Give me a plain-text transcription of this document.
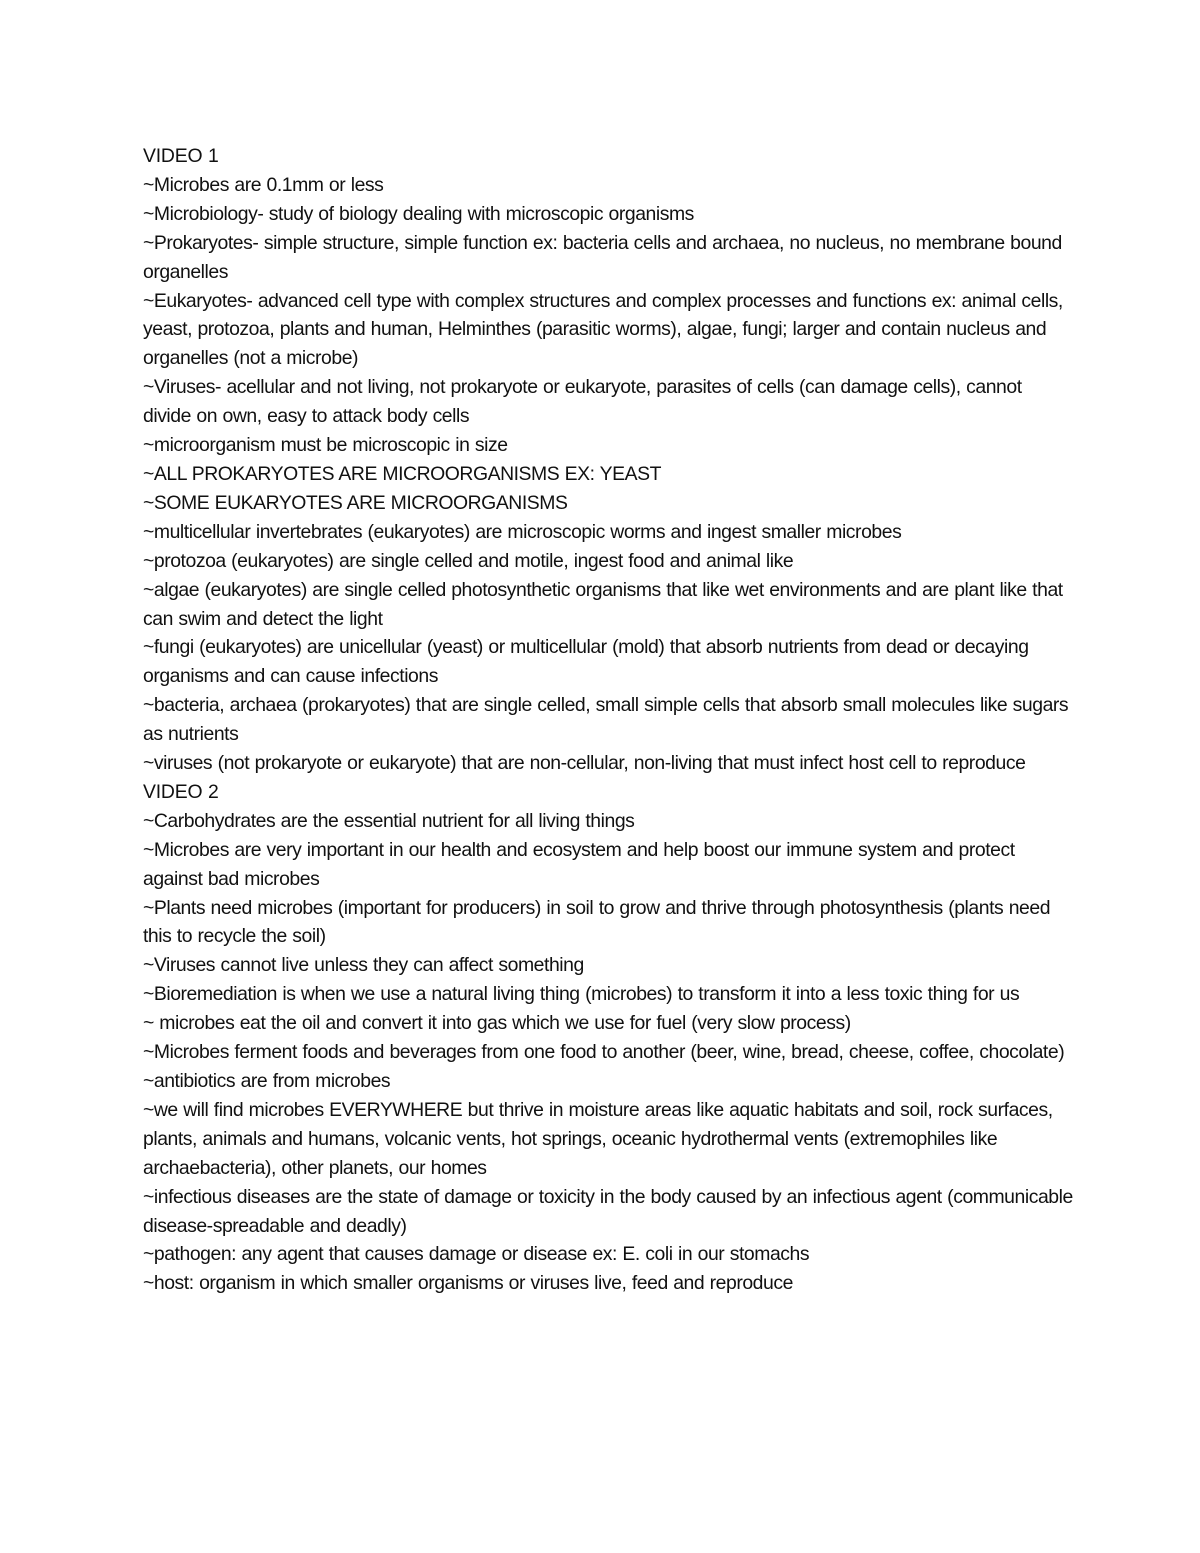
VIDEO 1

~Microbes are 0.1mm or less

~Microbiology- study of biology dealing with microscopic organisms

~Prokaryotes- simple structure, simple function ex: bacteria cells and archaea, no nucleus, no membrane bound organelles

~Eukaryotes- advanced cell type with complex structures and complex processes and functions ex: animal cells, yeast, protozoa, plants and human, Helminthes (parasitic worms), algae, fungi; larger and contain nucleus and organelles (not a microbe)

~Viruses- acellular and not living, not prokaryote or eukaryote, parasites of cells (can damage cells), cannot divide on own, easy to attack body cells

~microorganism must be microscopic in size

~ALL PROKARYOTES ARE MICROORGANISMS EX: YEAST

~SOME EUKARYOTES ARE MICROORGANISMS

~multicellular invertebrates (eukaryotes) are microscopic worms and ingest smaller microbes

~protozoa (eukaryotes) are single celled and motile, ingest food and animal like

~algae (eukaryotes) are single celled photosynthetic organisms that like wet environments and are plant like that can swim and detect the light

~fungi (eukaryotes) are unicellular (yeast) or multicellular (mold) that absorb nutrients from dead or decaying organisms and can cause infections

~bacteria, archaea (prokaryotes) that are single celled, small simple cells that absorb small molecules like sugars as nutrients

~viruses (not prokaryote or eukaryote) that are non-cellular, non-living that must infect host cell to reproduce

VIDEO 2

~Carbohydrates are the essential nutrient for all living things

~Microbes are very important in our health and ecosystem and help boost our immune system and protect against bad microbes

~Plants need microbes (important for producers) in soil to grow and thrive through photosynthesis (plants need this to recycle the soil)

~Viruses cannot live unless they can affect something

~Bioremediation is when we use a natural living thing (microbes) to transform it into a less toxic thing for us

~ microbes eat the oil and convert it into gas which we use for fuel (very slow process)

~Microbes ferment foods and beverages from one food to another (beer, wine, bread, cheese, coffee, chocolate)

~antibiotics are from microbes

~we will find microbes EVERYWHERE but thrive in moisture areas like aquatic habitats and soil, rock surfaces, plants, animals and humans, volcanic vents, hot springs, oceanic hydrothermal vents (extremophiles like archaebacteria), other planets, our homes

~infectious diseases are the state of damage or toxicity in the body caused by an infectious agent (communicable disease-spreadable and deadly)

~pathogen: any agent that causes damage or disease ex: E. coli in our stomachs

~host: organism in which smaller organisms or viruses live, feed and reproduce
